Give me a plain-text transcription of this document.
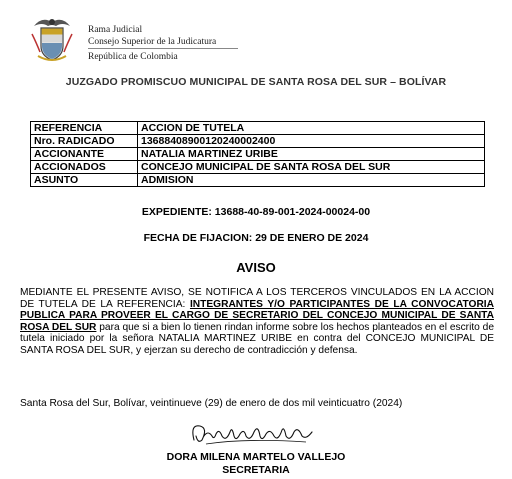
Rama Judicial
Consejo Superior de la Judicatura
República de Colombia
JUZGADO PROMISCUO MUNICIPAL DE SANTA ROSA DEL SUR – BOLÍVAR
REFERENCIA	ACCION DE TUTELA
Nro. RADICADO	13688408900120240002400
ACCIONANTE	NATALIA MARTINEZ URIBE
ACCIONADOS	CONCEJO MUNICIPAL DE SANTA ROSA DEL SUR
ASUNTO	ADMISION
EXPEDIENTE: 13688-40-89-001-2024-00024-00
FECHA DE FIJACION: 29 DE ENERO DE 2024
AVISO
MEDIANTE EL PRESENTE AVISO, SE NOTIFICA A LOS TERCEROS VINCULADOS EN LA ACCION DE TUTELA DE LA REFERENCIA: INTEGRANTES Y/O PARTICIPANTES DE LA CONVOCATORIA PUBLICA PARA PROVEER EL CARGO DE SECRETARIO DEL CONCEJO MUNICIPAL DE SANTA ROSA DEL SUR para que si a bien lo tienen rindan informe sobre los hechos planteados en el escrito de tutela iniciado por la señora NATALIA MARTINEZ URIBE en contra del CONCEJO MUNICIPAL DE SANTA ROSA DEL SUR, y ejerzan su derecho de contradicción y defensa.
Santa Rosa del Sur, Bolívar, veintinueve (29) de enero de dos mil veinticuatro (2024)
DORA MILENA MARTELO VALLEJO
SECRETARIA
